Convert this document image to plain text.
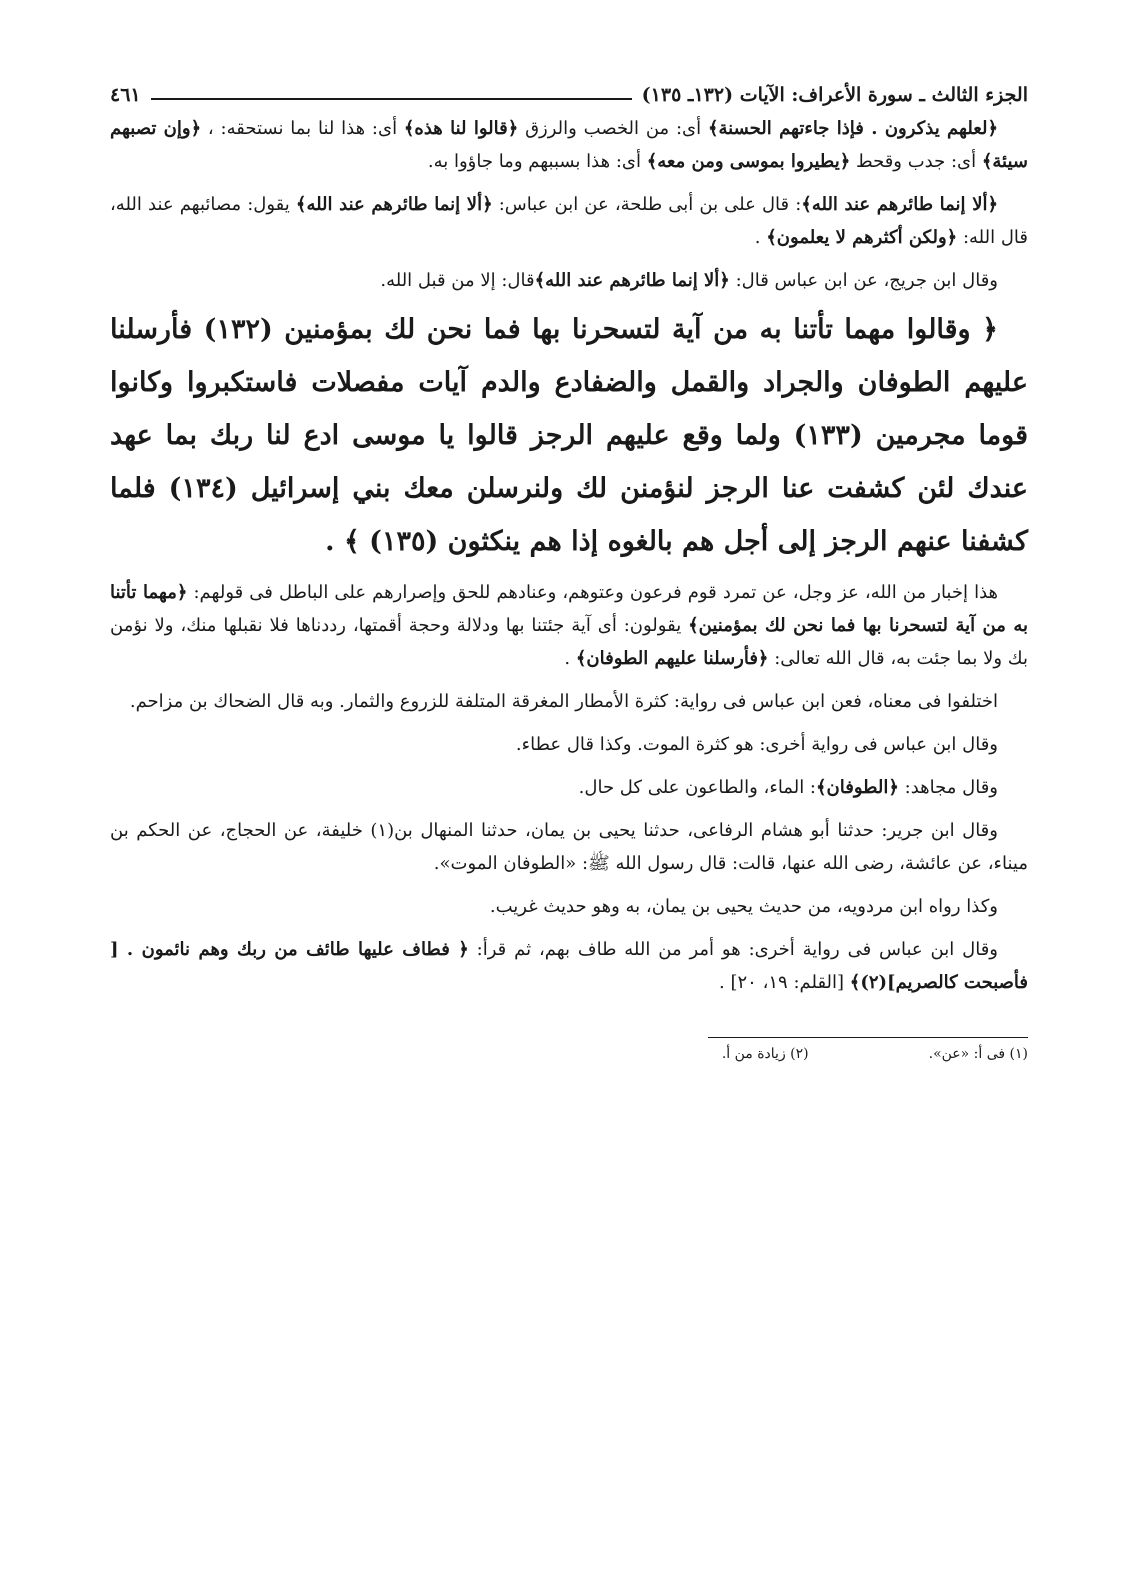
الجزء الثالث ـ سورة الأعراف: الآيات (١٣٢ـ ١٣٥)
٤٦١

﴿لعلهم يذكرون . فإذا جاءتهم الحسنة﴾ أى: من الخصب والرزق ﴿قالوا لنا هذه﴾ أى: هذا لنا بما نستحقه: ، ﴿وإن تصبهم سيئة﴾ أى: جدب وقحط ﴿يطيروا بموسى ومن معه﴾ أى: هذا بسببهم وما جاؤوا به.

﴿ألا إنما طائرهم عند الله﴾: قال على بن أبى طلحة، عن ابن عباس: ﴿ألا إنما طائرهم عند الله﴾ يقول: مصائبهم عند الله، قال الله: ﴿ولكن أكثرهم لا يعلمون﴾ .

وقال ابن جريج، عن ابن عباس قال: ﴿ألا إنما طائرهم عند الله﴾قال: إلا من قبل الله.

﴿ وقالوا مهما تأتنا به من آية لتسحرنا بها فما نحن لك بمؤمنين (١٣٢) فأرسلنا عليهم الطوفان والجراد والقمل والضفادع والدم آيات مفصلات فاستكبروا وكانوا قوما مجرمين (١٣٣) ولما وقع عليهم الرجز قالوا يا موسى ادع لنا ربك بما عهد عندك لئن كشفت عنا الرجز لنؤمنن لك ولنرسلن معك بني إسرائيل (١٣٤) فلما كشفنا عنهم الرجز إلى أجل هم بالغوه إذا هم ينكثون (١٣٥) ﴾ .

هذا إخبار من الله، عز وجل، عن تمرد قوم فرعون وعتوهم، وعنادهم للحق وإصرارهم على الباطل فى قولهم: ﴿مهما تأتنا به من آية لتسحرنا بها فما نحن لك بمؤمنين﴾ يقولون: أى آية جئتنا بها ودلالة وحجة أقمتها، رددناها فلا نقبلها منك، ولا نؤمن بك ولا بما جئت به، قال الله تعالى: ﴿فأرسلنا عليهم الطوفان﴾ .

اختلفوا فى معناه، فعن ابن عباس فى رواية: كثرة الأمطار المغرقة المتلفة للزروع والثمار. وبه قال الضحاك بن مزاحم.

وقال ابن عباس فى رواية أخرى: هو كثرة الموت. وكذا قال عطاء.

وقال مجاهد: ﴿الطوفان﴾: الماء، والطاعون على كل حال.

وقال ابن جرير: حدثنا أبو هشام الرفاعى، حدثنا يحيى بن يمان، حدثنا المنهال بن(١) خليفة، عن الحجاج، عن الحكم بن ميناء، عن عائشة، رضى الله عنها، قالت: قال رسول الله ﷺ: «الطوفان الموت».

وكذا رواه ابن مردويه، من حديث يحيى بن يمان، به وهو حديث غريب.

وقال ابن عباس فى رواية أخرى: هو أمر من الله طاف بهم، ثم قرأ: ﴿ فطاف عليها طائف من ربك وهم نائمون . [ فأصبحت كالصريم](٢)﴾ [القلم: ١٩، ٢٠] .

(١) فى أ: «عن».
(٢) زيادة من أ.
